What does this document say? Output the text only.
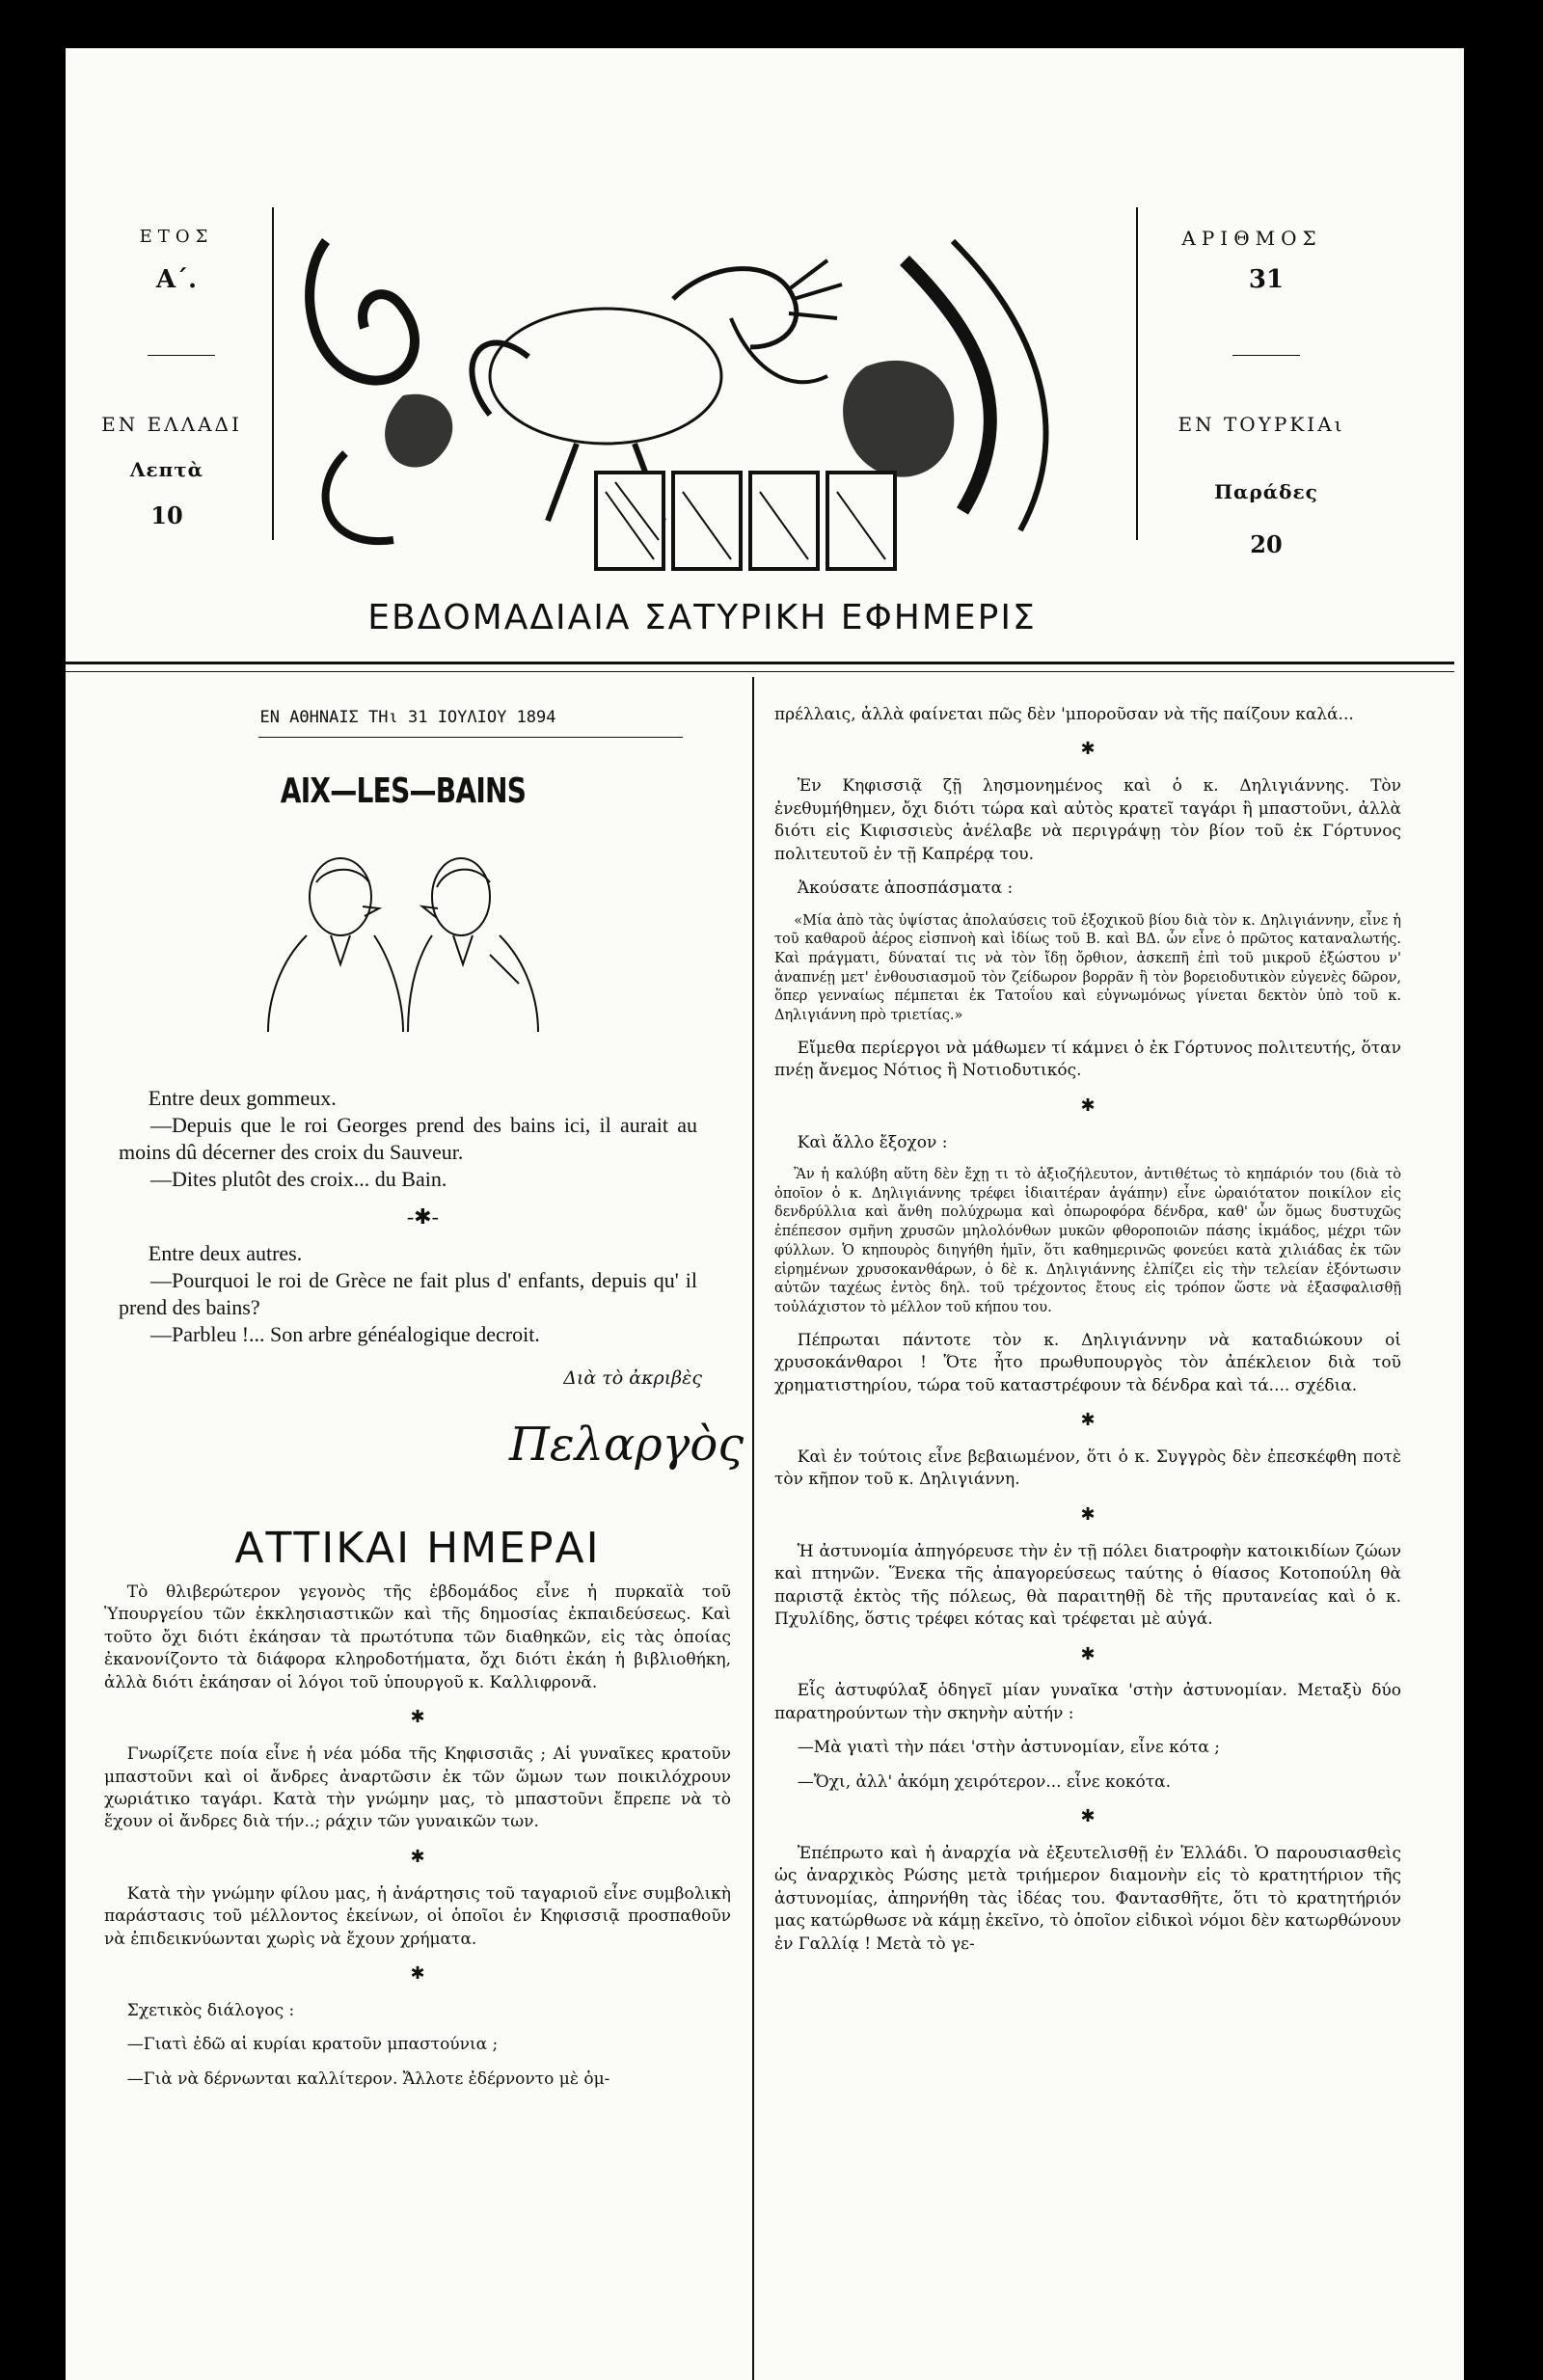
ΕΤΟΣ
Α΄.
ΕΝ ΕΛΛΑΔΙ
Λεπτὰ
10
ΑΡΙΘΜΟΣ
31
ΕΝ ΤΟΥΡΚΙΑι
Παράδες
20
ΕΒΔΟΜΑΔΙΑΙΑ ΣΑΤΥΡΙΚΗ ΕΦΗΜΕΡΙΣ
ΕΝ ΑΘΗΝΑΙΣ ΤΗι 31 ΙΟΥΛΙΟΥ 1894
AIX—LES—BAINS

Entre deux gommeux.

—Depuis que le roi Georges prend des bains ici, il aurait au moins dû décerner des croix du Sauveur.

—Dites plutôt des croix... du Bain.

-✱-

Entre deux autres.

—Pourquoi le roi de Grèce ne fait plus d' enfants, depuis qu' il prend des bains?

—Parbleu !... Son arbre généalogique decroit.

Διὰ τὸ ἀκριβὲς
Πελαργὸς
ΑΤΤΙΚΑΙ ΗΜΕΡΑΙ

Τὸ θλιβερώτερον γεγονὸς τῆς ἑβδομάδος εἶνε ἡ πυρκαϊὰ τοῦ Ὑπουργείου τῶν ἐκκλησιαστικῶν καὶ τῆς δημοσίας ἐκπαιδεύσεως. Καὶ τοῦτο ὄχι διότι ἐκάησαν τὰ πρωτότυπα τῶν διαθηκῶν, εἰς τὰς ὁποίας ἐκανονίζοντο τὰ διάφορα κληροδοτήματα, ὄχι διότι ἐκάη ἡ βιβλιοθήκη, ἀλλὰ διότι ἐκάησαν οἱ λόγοι τοῦ ὑπουργοῦ κ. Καλλιφρονᾶ.

✱

Γνωρίζετε ποία εἶνε ἡ νέα μόδα τῆς Κηφισσιᾶς ; Αἱ γυναῖκες κρατοῦν μπαστοῦνι καὶ οἱ ἄνδρες ἀναρτῶσιν ἐκ τῶν ὤμων των ποικιλόχρουν χωριάτικο ταγάρι. Κατὰ τὴν γνώμην μας, τὸ μπαστοῦνι ἔπρεπε νὰ τὸ ἔχουν οἱ ἄνδρες διὰ τήν..; ράχιν τῶν γυναικῶν των.

✱

Κατὰ τὴν γνώμην φίλου μας, ἡ ἀνάρτησις τοῦ ταγαριοῦ εἶνε συμβολικὴ παράστασις τοῦ μέλλοντος ἐκείνων, οἱ ὁποῖοι ἐν Κηφισσιᾷ προσπαθοῦν νὰ ἐπιδεικνύωνται χωρὶς νὰ ἔχουν χρήματα.

✱

Σχετικὸς διάλογος :

—Γιατὶ ἐδῶ αἱ κυρίαι κρατοῦν μπαστούνια ;

—Γιὰ νὰ δέρνωνται καλλίτερον. Ἄλλοτε ἐδέρνοντο μὲ ὁμ-

πρέλλαις, ἀλλὰ φαίνεται πῶς δὲν 'μποροῦσαν νὰ τῆς παίζουν καλά...

✱

Ἐν Κηφισσιᾷ ζῇ λησμονημένος καὶ ὁ κ. Δηλιγιάννης. Τὸν ἐνεθυμήθημεν, ὄχι διότι τώρα καὶ αὐτὸς κρατεῖ ταγάρι ἢ μπαστοῦνι, ἀλλὰ διότι εἰς Κιφισσιεὺς ἀνέλαβε νὰ περιγράψῃ τὸν βίον τοῦ ἐκ Γόρτυνος πολιτευτοῦ ἐν τῇ Καπρέρᾳ του.

Ἀκούσατε ἀποσπάσματα :

«Μία ἀπὸ τὰς ὑψίστας ἀπολαύσεις τοῦ ἐξοχικοῦ βίου διὰ τὸν κ. Δηλιγιάννην, εἶνε ἡ τοῦ καθαροῦ ἀέρος εἰσπνοὴ καὶ ἰδίως τοῦ Β. καὶ ΒΔ. ὧν εἶνε ὁ πρῶτος καταναλωτής. Καὶ πράγματι, δύναταί τις νὰ τὸν ἴδῃ ὄρθιον, ἀσκεπῆ ἐπὶ τοῦ μικροῦ ἐξώστου ν' ἀναπνέῃ μετ' ἐνθουσιασμοῦ τὸν ζείδωρον βορρᾶν ἢ τὸν βορειοδυτικὸν εὐγενὲς δῶρον, ὅπερ γενναίως πέμπεται ἐκ Τατοΐου καὶ εὐγνωμόνως γίνεται δεκτὸν ὑπὸ τοῦ κ. Δηλιγιάννη πρὸ τριετίας.»

Εἴμεθα περίεργοι νὰ μάθωμεν τί κάμνει ὁ ἐκ Γόρτυνος πολιτευτής, ὅταν πνέῃ ἄνεμος Νότιος ἢ Νοτιοδυτικός.

✱

Καὶ ἄλλο ἔξοχον :

Ἂν ἡ καλύβη αὕτη δὲν ἔχῃ τι τὸ ἀξιοζήλευτον, ἀντιθέτως τὸ κηπάριόν του (διὰ τὸ ὁποῖον ὁ κ. Δηλιγιάννης τρέφει ἰδιαιτέραν ἀγάπην) εἶνε ὡραιότατον ποικίλον εἰς δενδρύλλια καὶ ἄνθη πολύχρωμα καὶ ὀπωροφόρα δένδρα, καθ' ὧν ὅμως δυστυχῶς ἐπέπεσον σμῆνη χρυσῶν μηλολόνθων μυκῶν φθοροποιῶν πάσης ἰκμάδος, μέχρι τῶν φύλλων. Ὁ κηπουρὸς διηγήθη ἡμῖν, ὅτι καθημερινῶς φονεύει κατὰ χιλιάδας ἐκ τῶν εἰρημένων χρυσοκανθάρων, ὁ δὲ κ. Δηλιγιάννης ἐλπίζει εἰς τὴν τελείαν ἐξόντωσιν αὐτῶν ταχέως ἐντὸς δηλ. τοῦ τρέχοντος ἔτους εἰς τρόπον ὥστε νὰ ἐξασφαλισθῇ τοὐλάχιστον τὸ μέλλον τοῦ κήπου του.

Πέπρωται πάντοτε τὸν κ. Δηλιγιάννην νὰ καταδιώκουν οἱ χρυσοκάνθαροι ! Ὅτε ἦτο πρωθυπουργὸς τὸν ἀπέκλειον διὰ τοῦ χρηματιστηρίου, τώρα τοῦ καταστρέφουν τὰ δένδρα καὶ τά.... σχέδια.

✱

Καὶ ἐν τούτοις εἶνε βεβαιωμένον, ὅτι ὁ κ. Συγγρὸς δὲν ἐπεσκέφθη ποτὲ τὸν κῆπον τοῦ κ. Δηλιγιάννη.

✱

Ἡ ἀστυνομία ἀπηγόρευσε τὴν ἐν τῇ πόλει διατροφὴν κατοικιδίων ζώων καὶ πτηνῶν. Ἕνεκα τῆς ἀπαγορεύσεως ταύτης ὁ θίασος Κοτοπούλη θὰ παριστᾷ ἐκτὸς τῆς πόλεως, θὰ παραιτηθῇ δὲ τῆς πρυτανείας καὶ ὁ κ. Πχυλίδης, ὅστις τρέφει κότας καὶ τρέφεται μὲ αὐγά.

✱

Εἷς ἀστυφύλαξ ὁδηγεῖ μίαν γυναῖκα 'στὴν ἀστυνομίαν. Μεταξὺ δύο παρατηρούντων τὴν σκηνὴν αὐτήν :

—Μὰ γιατὶ τὴν πάει 'στὴν ἀστυνομίαν, εἶνε κότα ;

—Ὄχι, ἀλλ' ἀκόμη χειρότερον... εἶνε κοκότα.

✱

Ἐπέπρωτο καὶ ἡ ἀναρχία νὰ ἐξευτελισθῇ ἐν Ἑλλάδι. Ὁ παρουσιασθεὶς ὡς ἀναρχικὸς Ρώσης μετὰ τριήμερον διαμονὴν εἰς τὸ κρατητήριον τῆς ἀστυνομίας, ἀπηρνήθη τὰς ἰδέας του. Φαντασθῆτε, ὅτι τὸ κρατητήριόν μας κατώρθωσε νὰ κάμῃ ἐκεῖνο, τὸ ὁποῖον εἰδικοὶ νόμοι δὲν κατωρθώνουν ἐν Γαλλίᾳ ! Μετὰ τὸ γε-
